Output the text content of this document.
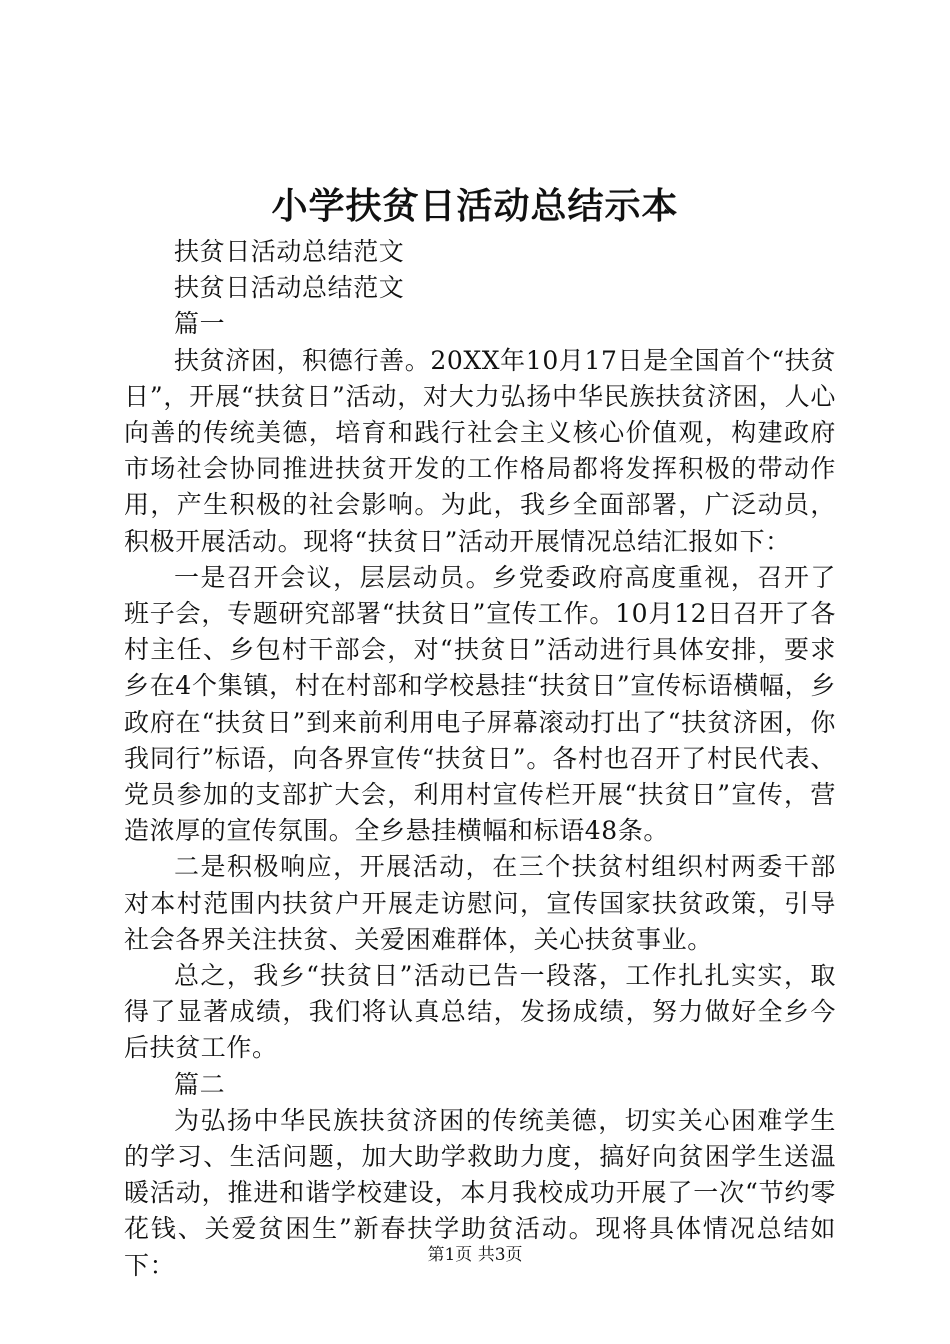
小学扶贫日活动总结示本

扶贫日活动总结范文

扶贫日活动总结范文

篇一

扶贫济困，积德行善。20XX年10月17日是全国首个“扶贫日”，开展“扶贫日”活动，对大力弘扬中华民族扶贫济困，人心向善的传统美德，培育和践行社会主义核心价值观，构建政府市场社会协同推进扶贫开发的工作格局都将发挥积极的带动作用，产生积极的社会影响。为此，我乡全面部署，广泛动员，积极开展活动。现将“扶贫日”活动开展情况总结汇报如下：

一是召开会议，层层动员。乡党委政府高度重视，召开了班子会，专题研究部署“扶贫日”宣传工作。10月12日召开了各村主任、乡包村干部会，对“扶贫日”活动进行具体安排，要求乡在4个集镇，村在村部和学校悬挂“扶贫日”宣传标语横幅，乡政府在“扶贫日”到来前利用电子屏幕滚动打出了“扶贫济困，你我同行”标语，向各界宣传“扶贫日”。各村也召开了村民代表、党员参加的支部扩大会，利用村宣传栏开展“扶贫日”宣传，营造浓厚的宣传氛围。全乡悬挂横幅和标语48条。

二是积极响应，开展活动，在三个扶贫村组织村两委干部对本村范围内扶贫户开展走访慰问，宣传国家扶贫政策，引导社会各界关注扶贫、关爱困难群体，关心扶贫事业。

总之，我乡“扶贫日”活动已告一段落，工作扎扎实实，取得了显著成绩，我们将认真总结，发扬成绩，努力做好全乡今后扶贫工作。

篇二

为弘扬中华民族扶贫济困的传统美德，切实关心困难学生的学习、生活问题，加大助学救助力度，搞好向贫困学生送温暖活动，推进和谐学校建设，本月我校成功开展了一次“节约零花钱、关爱贫困生”新春扶学助贫活动。现将具体情况总结如下：	第1页 共3页
